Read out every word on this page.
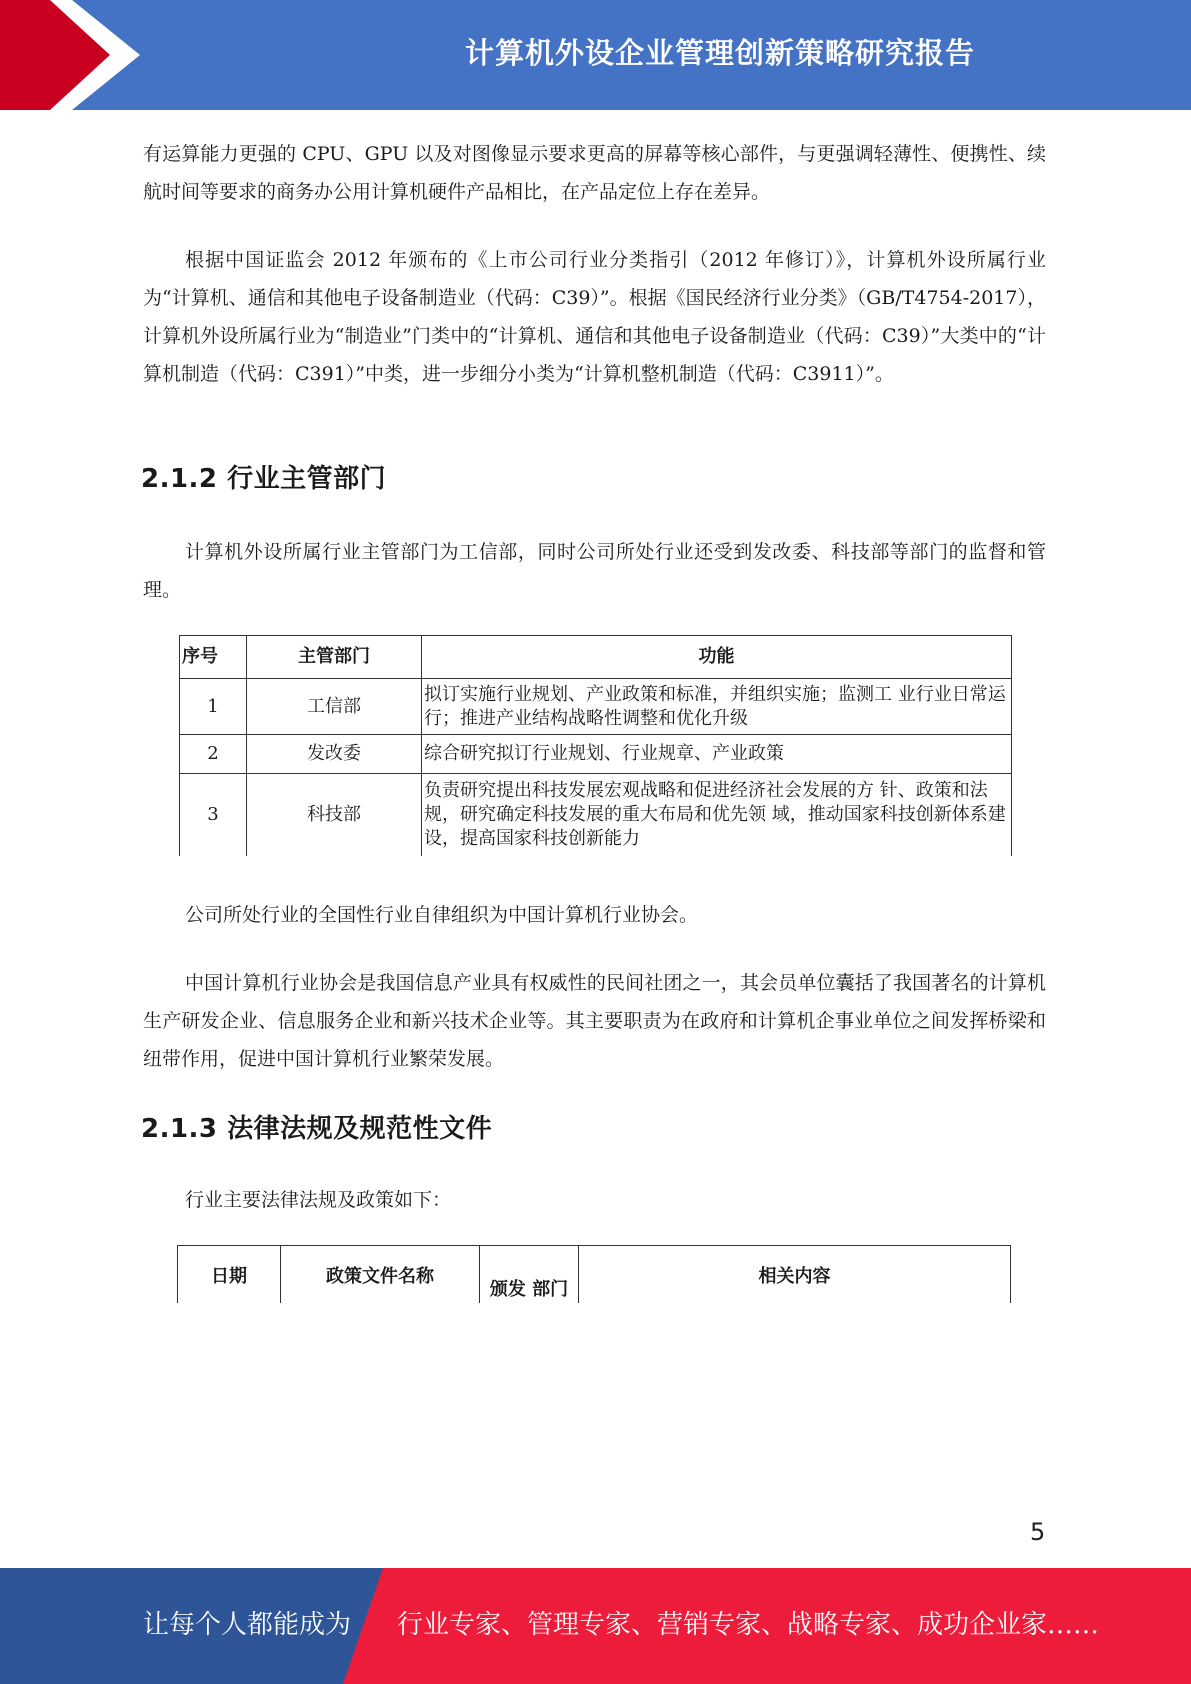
计算机外设企业管理创新策略研究报告

有运算能力更强的 CPU、GPU 以及对图像显示要求更高的屏幕等核心部件，与更强调轻薄性、便携性、续航时间等要求的商务办公用计算机硬件产品相比，在产品定位上存在差异。

根据中国证监会 2012 年颁布的《上市公司行业分类指引（2012 年修订）》，计算机外设所属行业为“计算机、通信和其他电子设备制造业（代码：C39）”。根据《国民经济行业分类》（GB/T4754-2017），计算机外设所属行业为“制造业”门类中的“计算机、通信和其他电子设备制造业（代码：C39）”大类中的“计算机制造（代码：C391）”中类，进一步细分小类为“计算机整机制造（代码：C3911）”。

2.1.2 行业主管部门

计算机外设所属行业主管部门为工信部，同时公司所处行业还受到发改委、科技部等部门的监督和管理。

序号	主管部门	功能
1	工信部	拟订实施行业规划、产业政策和标准，并组织实施；监测工 业行业日常运行；推进产业结构战略性调整和优化升级
2	发改委	综合研究拟订行业规划、行业规章、产业政策
3	科技部	负责研究提出科技发展宏观战略和促进经济社会发展的方 针、政策和法规，研究确定科技发展的重大布局和优先领 域，推动国家科技创新体系建设，提高国家科技创新能力

公司所处行业的全国性行业自律组织为中国计算机行业协会。

中国计算机行业协会是我国信息产业具有权威性的民间社团之一，其会员单位囊括了我国著名的计算机生产研发企业、信息服务企业和新兴技术企业等。其主要职责为在政府和计算机企事业单位之间发挥桥梁和纽带作用，促进中国计算机行业繁荣发展。

2.1.3 法律法规及规范性文件

行业主要法律法规及政策如下：

日期	政策文件名称	颁发 部门	相关内容
5
让每个人都能成为 行业专家、管理专家、营销专家、战略专家、成功企业家……
